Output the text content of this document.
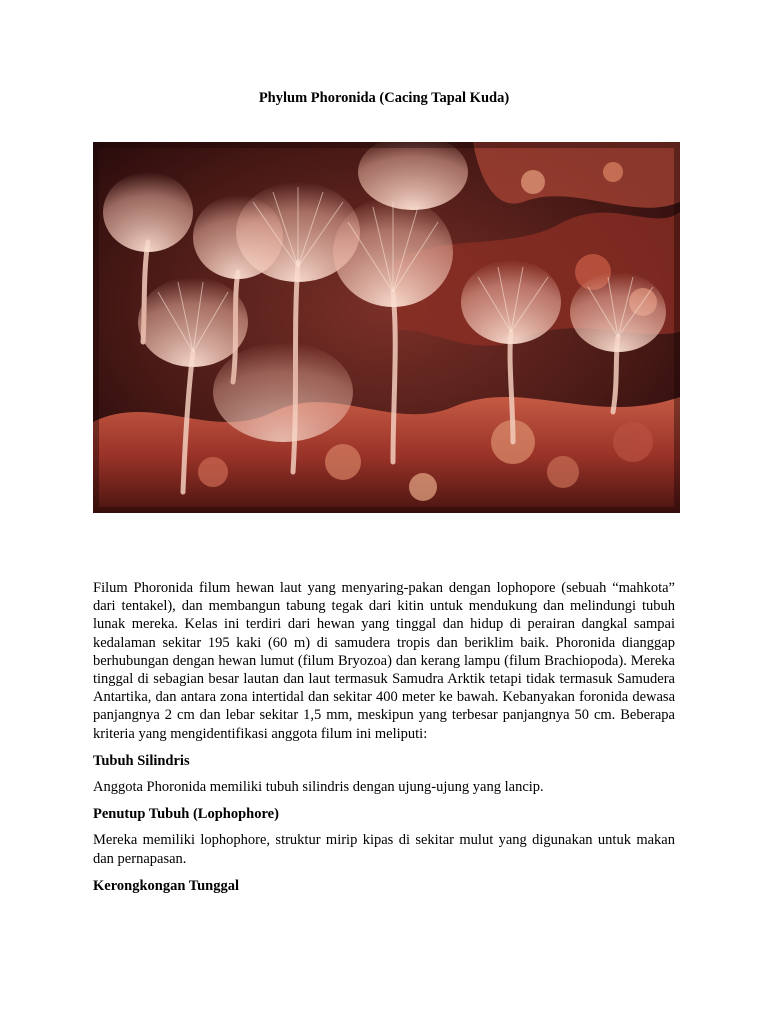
Phylum Phoronida (Cacing Tapal Kuda)

Filum Phoronida filum hewan laut yang menyaring-pakan dengan lophopore (sebuah “mahkota” dari tentakel), dan membangun tabung tegak dari kitin untuk mendukung dan melindungi tubuh lunak mereka. Kelas ini terdiri dari hewan yang tinggal dan hidup di perairan dangkal sampai kedalaman sekitar 195 kaki (60 m) di samudera tropis dan beriklim baik. Phoronida dianggap berhubungan dengan hewan lumut (filum Bryozoa) dan kerang lampu (filum Brachiopoda). Mereka tinggal di sebagian besar lautan dan laut termasuk Samudra Arktik tetapi tidak termasuk Samudera Antartika, dan antara zona intertidal dan sekitar 400 meter ke bawah. Kebanyakan foronida dewasa panjangnya 2 cm dan lebar sekitar 1,5 mm, meskipun yang terbesar panjangnya 50 cm. Beberapa kriteria yang mengidentifikasi anggota filum ini meliputi:

Tubuh Silindris

Anggota Phoronida memiliki tubuh silindris dengan ujung-ujung yang lancip.

Penutup Tubuh (Lophophore)

Mereka memiliki lophophore, struktur mirip kipas di sekitar mulut yang digunakan untuk makan dan pernapasan.

Kerongkongan Tunggal
